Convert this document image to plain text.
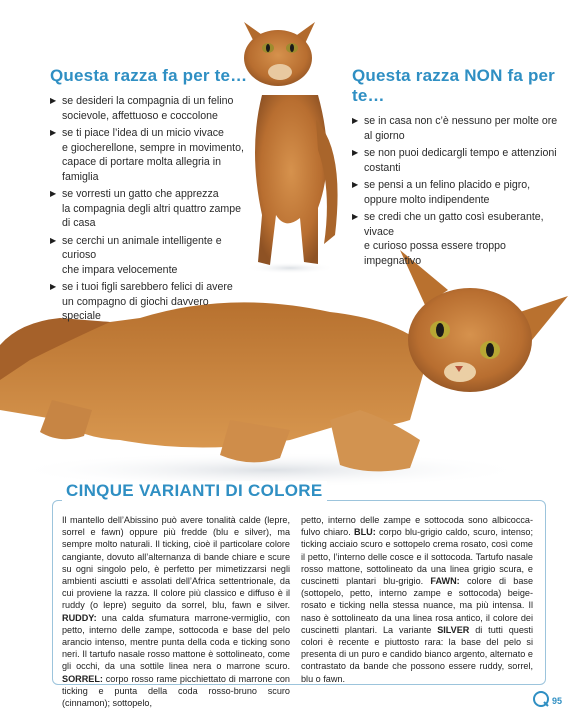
Questa razza fa per te…
▶ se desideri la compagnia di un felino
socievole, affettuoso e coccolone
▶ se ti piace l’idea di un micio vivace
e giocherellone, sempre in movimento,
capace di portare molta allegria in famiglia
▶ se vorresti un gatto che apprezza
la compagnia degli altri quattro zampe di casa
▶ se cerchi un animale intelligente e curioso
che impara velocemente
▶ se i tuoi figli sarebbero felici di avere
un compagno di giochi davvero speciale
Questa razza NON fa per te…
▶ se in casa non c’è nessuno per molte ore
al giorno
▶ se non puoi dedicargli tempo e attenzioni
costanti
▶ se pensi a un felino placido e pigro,
oppure molto indipendente
▶ se credi che un gatto così esuberante, vivace
e curioso possa essere troppo impegnativo
CINQUE VARIANTI DI COLORE

Il mantello dell’Abissino può avere tonalità calde (lepre, sorrel e fawn) oppure più fredde (blu e silver), ma sempre molto naturali. Il ticking, cioè il particolare colore cangiante, dovuto all’alternanza di bande chiare e scure su ogni singolo pelo, è perfetto per mimetizzarsi negli ambienti asciutti e assolati dell’Africa settentrionale, da cui proviene la razza. Il colore più classico e diffuso è il ruddy (o lepre) seguito da sorrel, blu, fawn e silver. RUDDY: una calda sfumatura marrone-vermiglio, con petto, interno delle zampe, sottocoda e base del pelo arancio intenso, mentre punta della coda e ticking sono neri. Il tartufo nasale rosso mattone è sottolineato, come gli occhi, da una sottile linea nera o marrone scuro. SORREL: corpo rosso rame picchiettato di marrone con ticking e punta della coda rosso-bruno scuro (cinnamon); sottopelo,

petto, interno delle zampe e sottocoda sono albicocca-fulvo chiaro. BLU: corpo blu-grigio caldo, scuro, intenso; ticking acciaio scuro e sottopelo crema rosato, così come il petto, l’interno delle cosce e il sottocoda. Tartufo nasale rosso mattone, sottolineato da una linea grigio scura, e cuscinetti plantari blu-grigio. FAWN: colore di base (sottopelo, petto, interno zampe e sottocoda) beige-rosato e ticking nella stessa nuance, ma più intensa. Il naso è sottolineato da una linea rosa antico, il colore dei cuscinetti plantari. La variante SILVER di tutti questi colori è recente e piuttosto rara: la base del pelo si presenta di un puro e candido bianco argento, alternato e contrastato da bande che possono essere ruddy, sorrel, blu o fawn.

95
